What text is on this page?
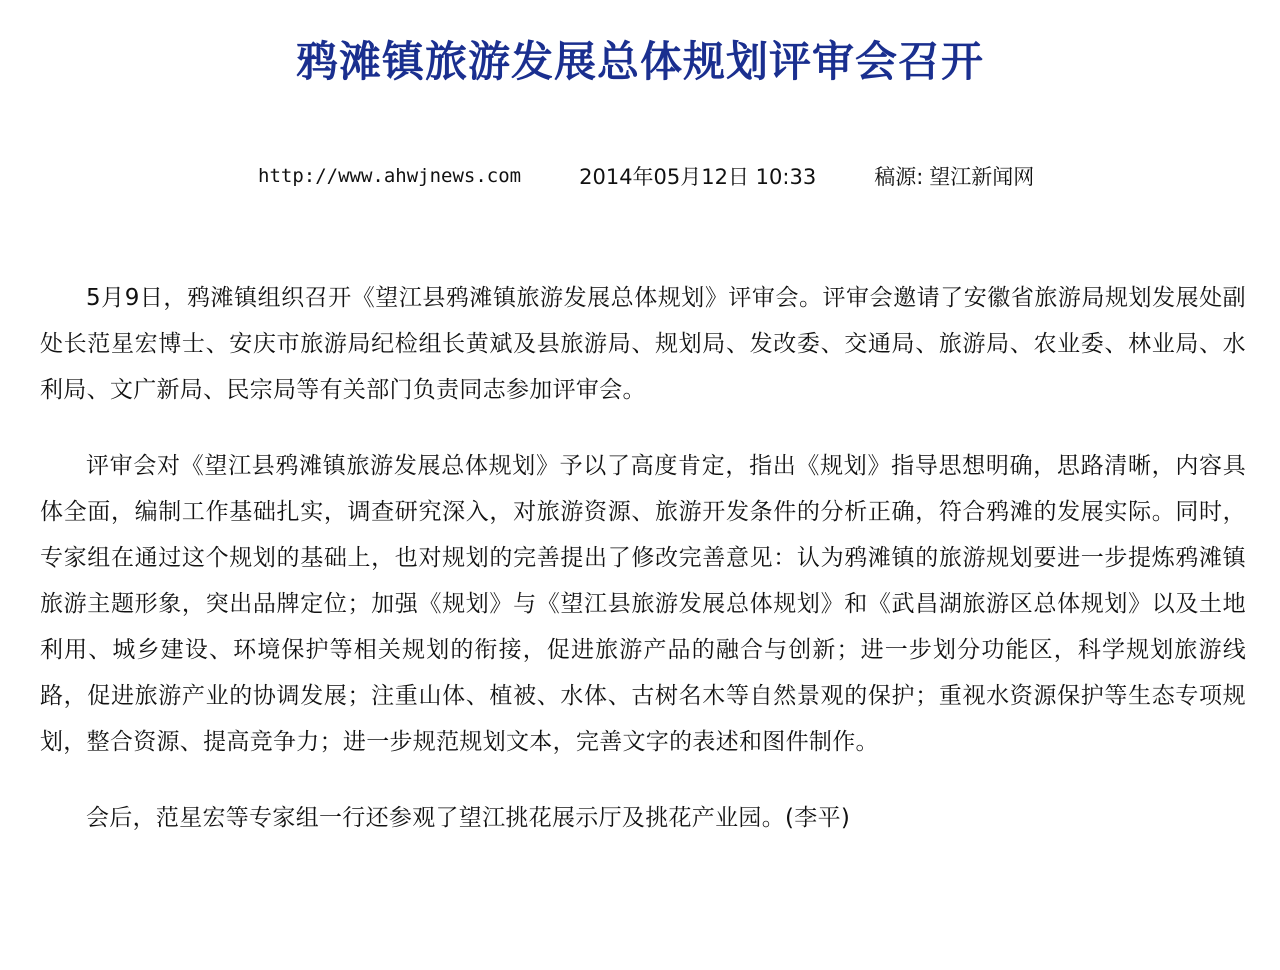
鸦滩镇旅游发展总体规划评审会召开
http://www.ahwjnews.com	2014年05月12日 10:33	稿源: 望江新闻网

5月9日，鸦滩镇组织召开《望江县鸦滩镇旅游发展总体规划》评审会。评审会邀请了安徽省旅游局规划发展处副处长范星宏博士、安庆市旅游局纪检组长黄斌及县旅游局、规划局、发改委、交通局、旅游局、农业委、林业局、水利局、文广新局、民宗局等有关部门负责同志参加评审会。

评审会对《望江县鸦滩镇旅游发展总体规划》予以了高度肯定，指出《规划》指导思想明确，思路清晰，内容具体全面，编制工作基础扎实，调查研究深入，对旅游资源、旅游开发条件的分析正确，符合鸦滩的发展实际。同时，专家组在通过这个规划的基础上，也对规划的完善提出了修改完善意见：认为鸦滩镇的旅游规划要进一步提炼鸦滩镇旅游主题形象，突出品牌定位；加强《规划》与《望江县旅游发展总体规划》和《武昌湖旅游区总体规划》以及土地利用、城乡建设、环境保护等相关规划的衔接，促进旅游产品的融合与创新；进一步划分功能区，科学规划旅游线路，促进旅游产业的协调发展；注重山体、植被、水体、古树名木等自然景观的保护；重视水资源保护等生态专项规划，整合资源、提高竞争力；进一步规范规划文本，完善文字的表述和图件制作。

会后，范星宏等专家组一行还参观了望江挑花展示厅及挑花产业园。(李平)
